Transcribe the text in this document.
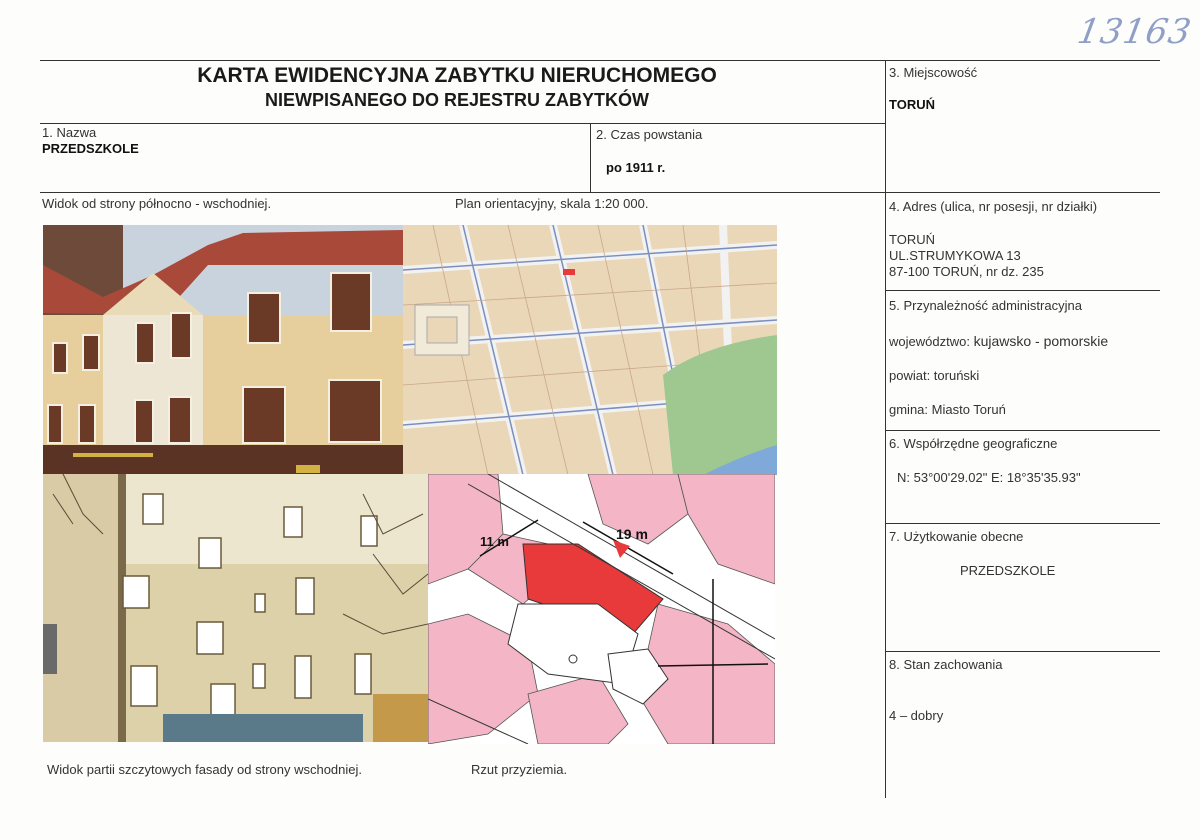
13163
KARTA EWIDENCYJNA ZABYTKU NIERUCHOMEGO
NIEWPISANEGO DO REJESTRU ZABYTKÓW
1. Nazwa
PRZEDSZKOLE
2. Czas powstania
po 1911 r.
3. Miejscowość
TORUŃ
Widok od strony północno - wschodniej.	Plan orientacyjny, skala 1:20 000.
Widok partii szczytowych fasady od strony wschodniej.	Rzut przyziemia.
4. Adres (ulica, nr posesji, nr działki)
TORUŃ
UL.STRUMYKOWA 13
87-100 TORUŃ, nr dz. 235
5. Przynależność administracyjna
województwo: kujawsko - pomorskie
powiat: toruński
gmina: Miasto Toruń
6. Współrzędne geograficzne
N: 53°00'29.02" E: 18°35'35.93"
7. Użytkowanie obecne
PRZEDSZKOLE
8. Stan zachowania
4 – dobry
11 m	19 m
